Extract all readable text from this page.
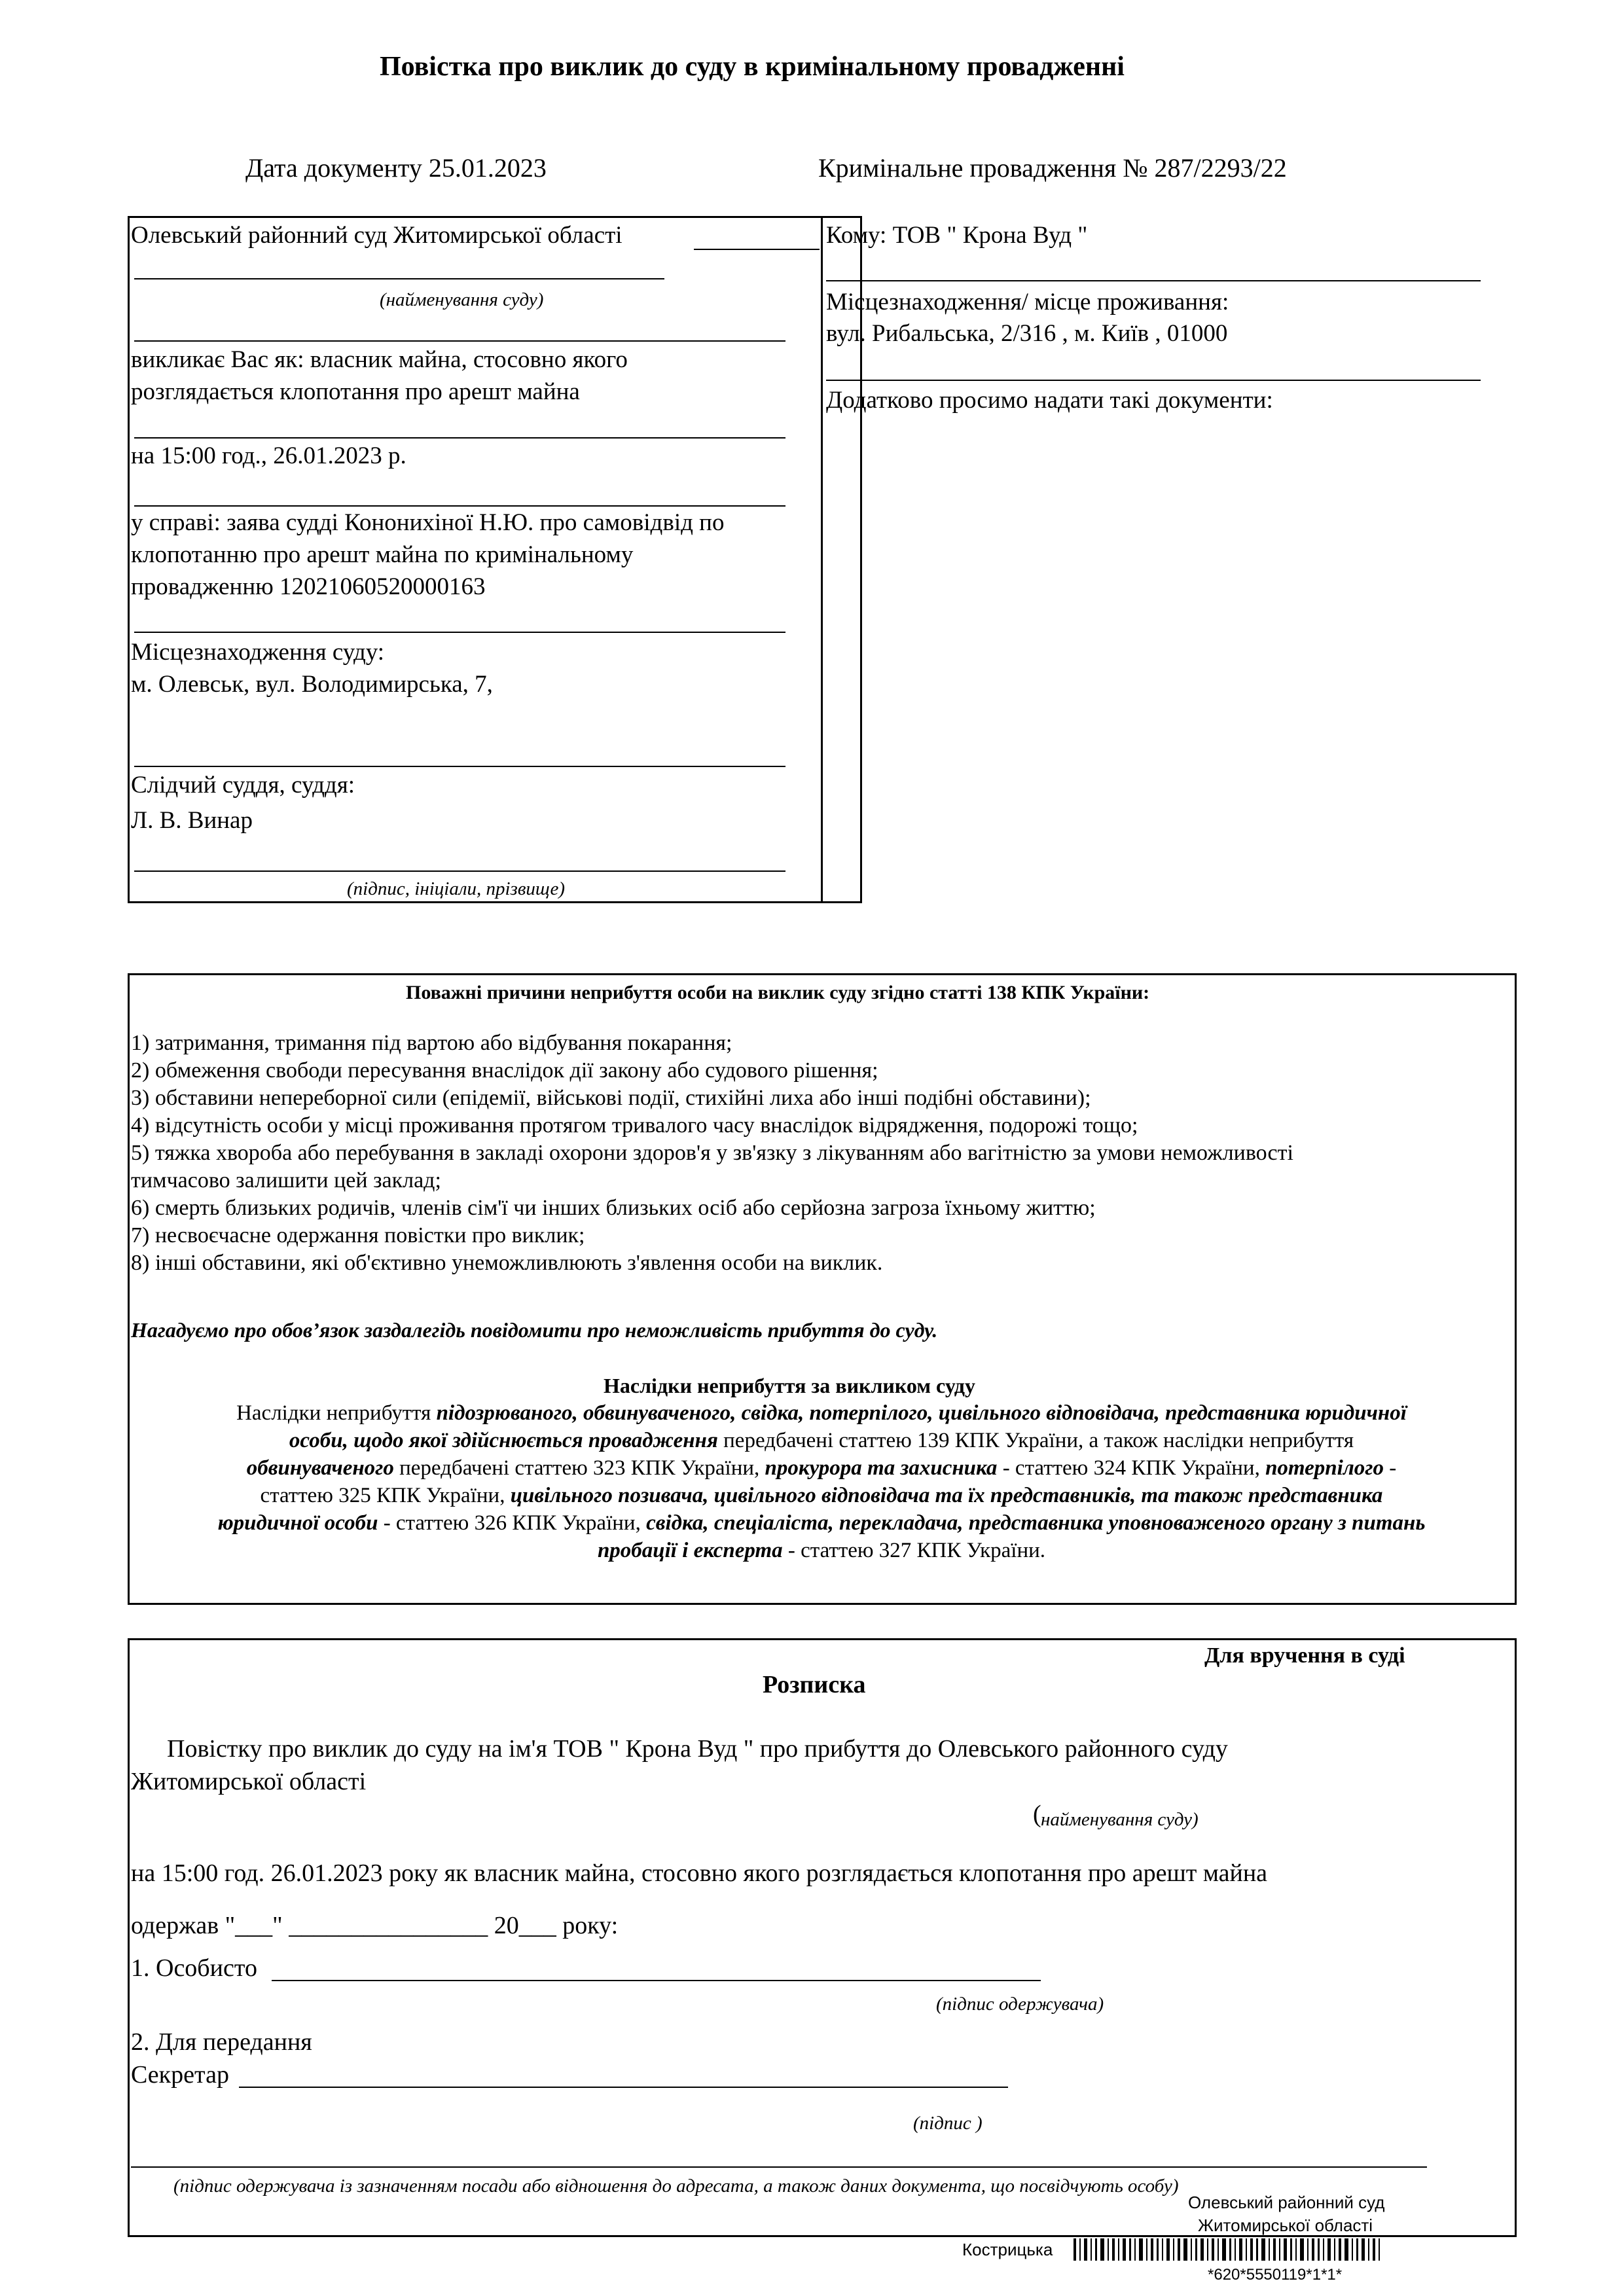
Повістка про виклик до суду в кримінальному провадженні
Дата документу 25.01.2023	Кримінальне провадження № 287/2293/22
Олевський районний суд Житомирської області
(найменування суду)
викликає Вас як: власник майна, стосовно якого
розглядається клопотання про арешт майна
на 15:00 год., 26.01.2023 р.
у справі: заява судді Кононихіної Н.Ю. про самовідвід по
клопотанню про арешт майна по кримінальному
провадженню 12021060520000163
Місцезнаходження суду:
м. Олевськ, вул. Володимирська, 7,
Слідчий суддя, суддя:
Л. В. Винар
(підпис, ініціали, прізвище)
Кому: ТОВ " Крона Вуд "
Місцезнаходження/ місце проживання:
вул. Рибальська, 2/316 , м. Київ , 01000
Додатково просимо надати такі документи:
Поважні причини неприбуття особи на виклик суду згідно статті 138 КПК України:
1) затримання, тримання під вартою або відбування покарання;
2) обмеження свободи пересування внаслідок дії закону або судового рішення;
3) обставини непереборної сили (епідемії, військові події, стихійні лиха або інші подібні обставини);
4) відсутність особи у місці проживання протягом тривалого часу внаслідок відрядження, подорожі тощо;
5) тяжка хвороба або перебування в закладі охорони здоров'я у зв'язку з лікуванням або вагітністю за умови неможливості
тимчасово залишити цей заклад;
6) смерть близьких родичів, членів сім'ї чи інших близьких осіб або серйозна загроза їхньому життю;
7) несвоєчасне одержання повістки про виклик;
8) інші обставини, які об'єктивно унеможливлюють з'явлення особи на виклик.
Нагадуємо про обов’язок заздалегідь повідомити про неможливість прибуття до суду.
Наслідки неприбуття за викликом суду
Наслідки неприбуття підозрюваного, обвинуваченого, свідка, потерпілого, цивільного відповідача, представника юридичної
особи, щодо якої здійснюється провадження передбачені статтею 139 КПК України, а також наслідки неприбуття
обвинуваченого передбачені статтею 323 КПК України, прокурора та захисника - статтею 324 КПК України, потерпілого -
статтею 325 КПК України, цивільного позивача, цивільного відповідача та їх представників, та також представника
юридичної особи - статтею 326 КПК України, свідка, спеціаліста, перекладача, представника уповноваженого органу з питань
пробації і експерта - статтею 327 КПК України.
Для вручення в суді
Розписка
Повістку про виклик до суду на ім'я ТОВ " Крона Вуд " про прибуття до Олевського районного суду
Житомирської області
( найменування суду)
на 15:00 год. 26.01.2023 року як власник майна, стосовно якого розглядається клопотання про арешт майна
одержав "___" ________________ 20___ року:
1. Особисто
(підпис одержувача)
2. Для передання
Секретар
(підпис )
(підпис одержувача із зазначенням посади або відношення до адресата, а також даних документа, що посвідчують особу)
Олевський районний суд
Житомирської області
Кострицька
*620*5550119*1*1*
